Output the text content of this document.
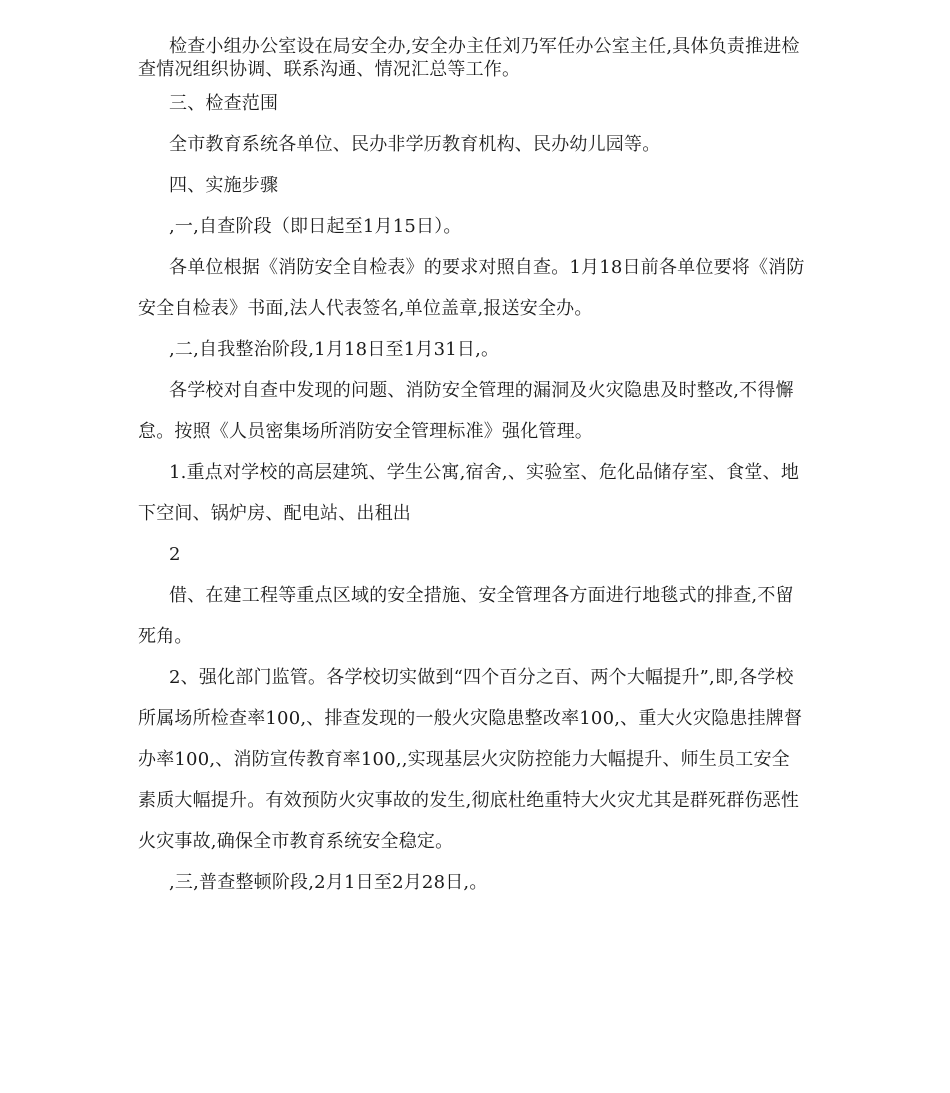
检查小组办公室设在局安全办,安全办主任刘乃军任办公室主任,具体负责推进检查情况组织协调、联系沟通、情况汇总等工作。

三、检查范围

全市教育系统各单位、民办非学历教育机构、民办幼儿园等。

四、实施步骤

,一,自查阶段（即日起至1月15日）。

各单位根据《消防安全自检表》的要求对照自查。1月18日前各单位要将《消防安全自检表》书面,法人代表签名,单位盖章,报送安全办。

,二,自我整治阶段,1月18日至1月31日,。

各学校对自查中发现的问题、消防安全管理的漏洞及火灾隐患及时整改,不得懈怠。按照《人员密集场所消防安全管理标准》强化管理。

1.重点对学校的高层建筑、学生公寓,宿舍,、实验室、危化品储存室、食堂、地下空间、锅炉房、配电站、出租出

2

借、在建工程等重点区域的安全措施、安全管理各方面进行地毯式的排查,不留死角。

2、强化部门监管。各学校切实做到“四个百分之百、两个大幅提升”,即,各学校所属场所检查率100,、排查发现的一般火灾隐患整改率100,、重大火灾隐患挂牌督办率100,、消防宣传教育率100,,实现基层火灾防控能力大幅提升、师生员工安全素质大幅提升。有效预防火灾事故的发生,彻底杜绝重特大火灾尤其是群死群伤恶性火灾事故,确保全市教育系统安全稳定。

,三,普查整顿阶段,2月1日至2月28日,。
